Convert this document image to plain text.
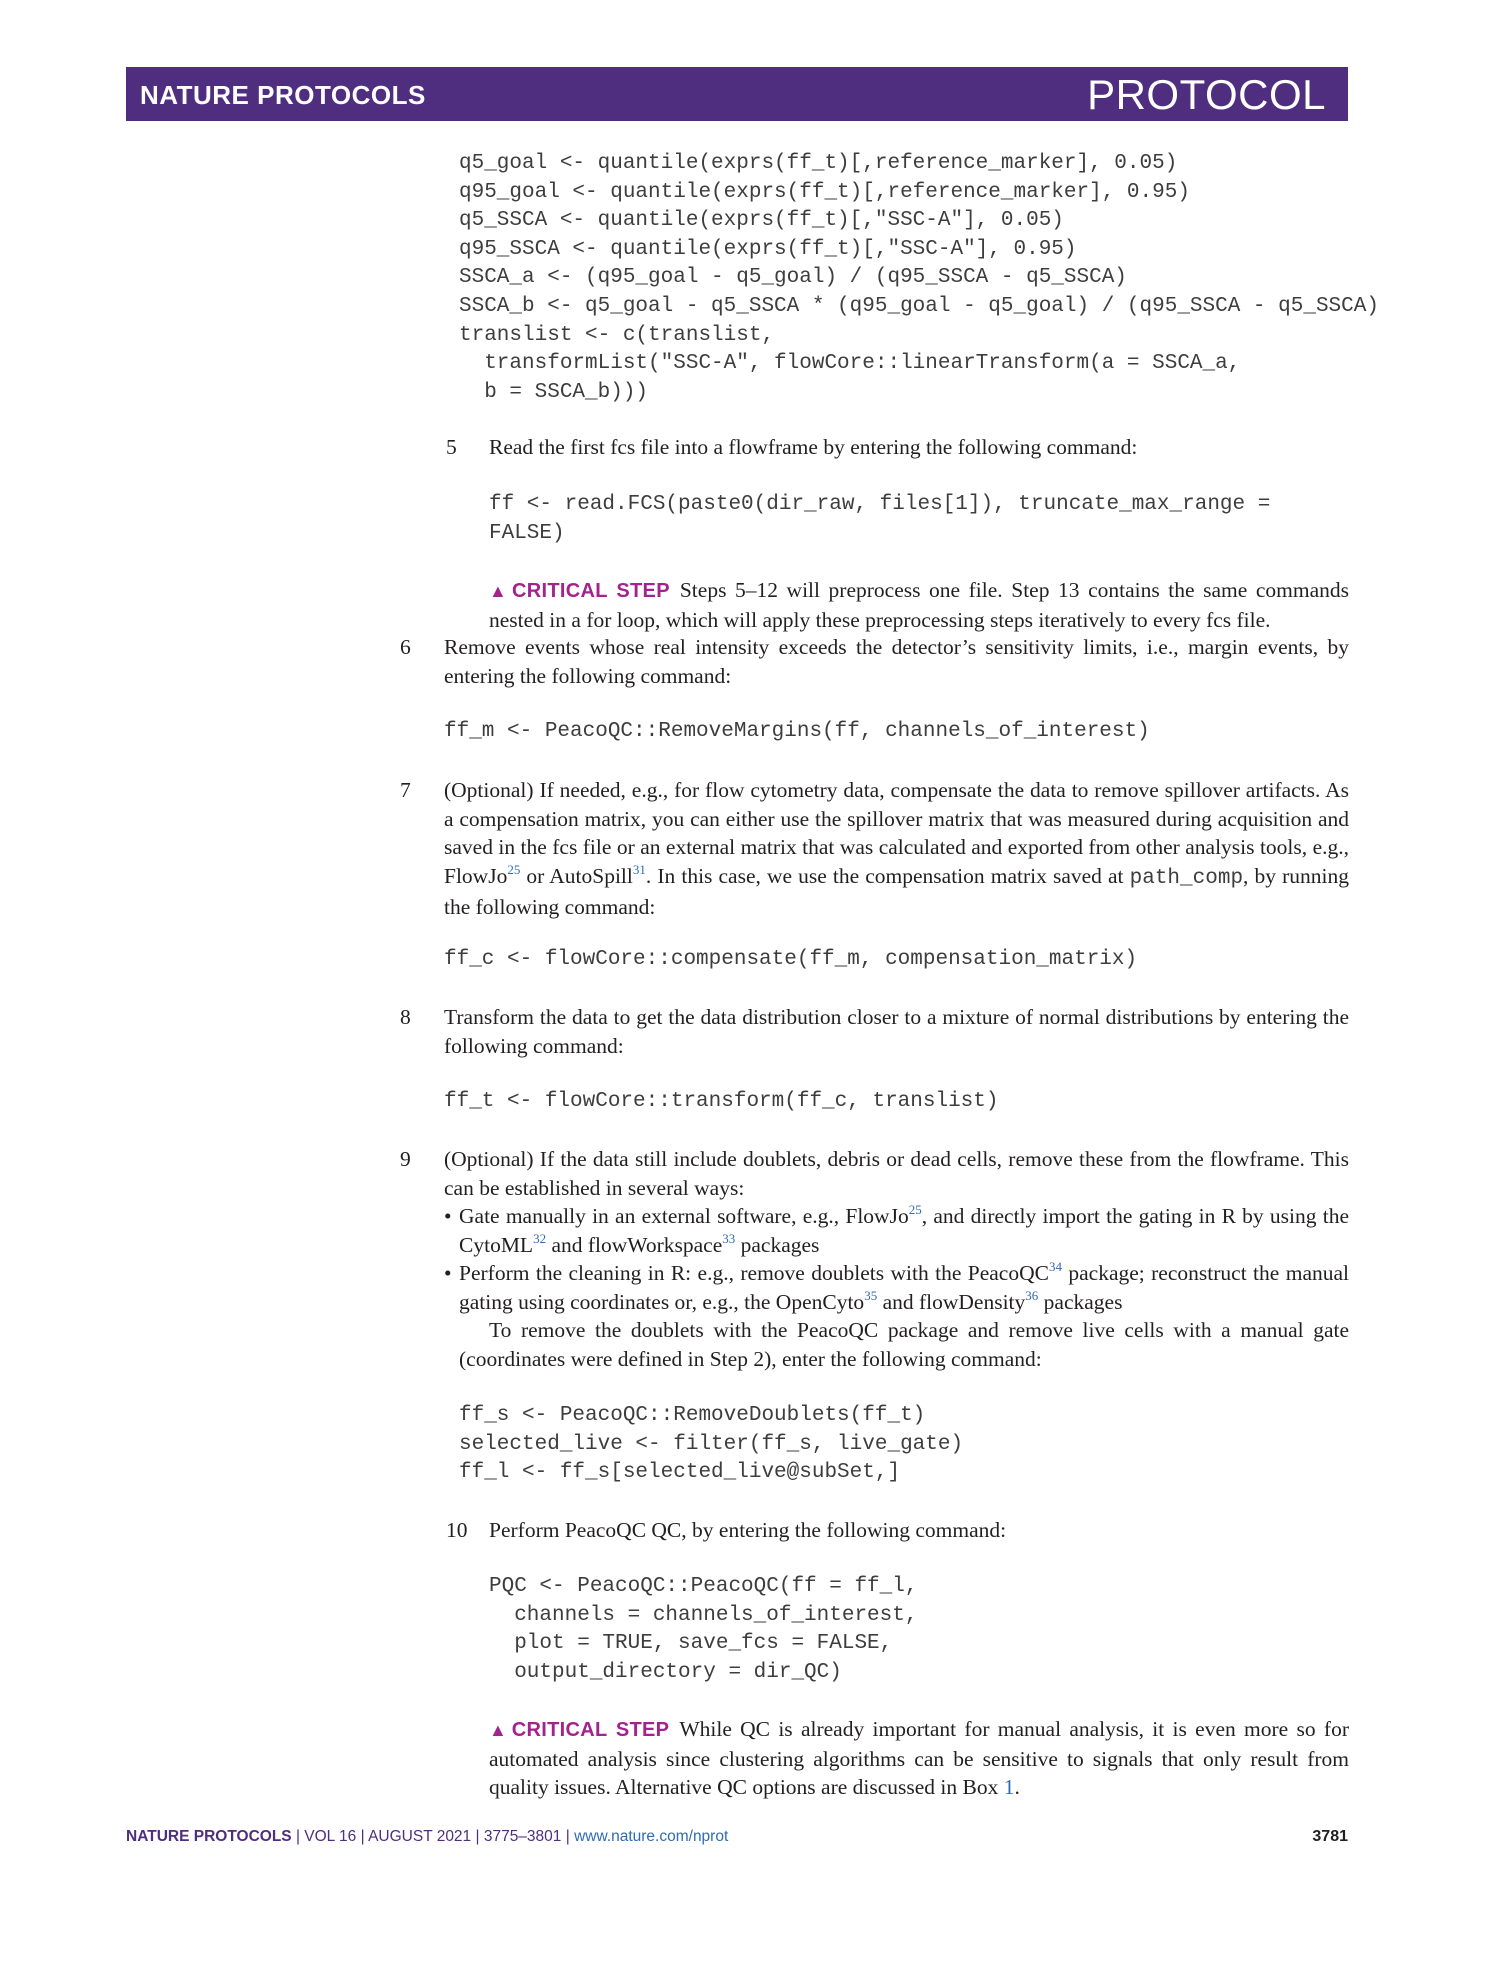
NATURE PROTOCOLS	PROTOCOL
q5_goal <- quantile(exprs(ff_t)[,reference_marker], 0.05)
q95_goal <- quantile(exprs(ff_t)[,reference_marker], 0.95)
q5_SSCA <- quantile(exprs(ff_t)[,"SSC-A"], 0.05)
q95_SSCA <- quantile(exprs(ff_t)[,"SSC-A"], 0.95)
SSCA_a <- (q95_goal - q5_goal) / (q95_SSCA - q5_SSCA)
SSCA_b <- q5_goal - q5_SSCA * (q95_goal - q5_goal) / (q95_SSCA - q5_SSCA)
translist <- c(translist,
transformList("SSC-A", flowCore::linearTransform(a = SSCA_a,
b = SSCA_b)))
5 Read the first fcs file into a flowframe by entering the following command:
ff <- read.FCS(paste0(dir_raw, files[1]), truncate_max_range =
FALSE)
▲ CRITICAL STEP Steps 5–12 will preprocess one file. Step 13 contains the same commands nested in a for loop, which will apply these preprocessing steps iteratively to every fcs file.
6 Remove events whose real intensity exceeds the detector’s sensitivity limits, i.e., margin events, by entering the following command:
ff_m <- PeacoQC::RemoveMargins(ff, channels_of_interest)
7 (Optional) If needed, e.g., for flow cytometry data, compensate the data to remove spillover artifacts. As a compensation matrix, you can either use the spillover matrix that was measured during acquisition and saved in the fcs file or an external matrix that was calculated and exported from other analysis tools, e.g., FlowJo$^{25}$ or AutoSpill$^{31}$. In this case, we use the compensation matrix saved at path_comp, by running the following command:
ff_c <- flowCore::compensate(ff_m, compensation_matrix)
8 Transform the data to get the data distribution closer to a mixture of normal distributions by entering the following command:
ff_t <- flowCore::transform(ff_c, translist)
9 (Optional) If the data still include doublets, debris or dead cells, remove these from the flowframe. This can be established in several ways:
• Gate manually in an external software, e.g., FlowJo$^{25}$, and directly import the gating in R by using the CytoML$^{32}$ and flowWorkspace$^{33}$ packages
• Perform the cleaning in R: e.g., remove doublets with the PeacoQC$^{34}$ package; reconstruct the manual gating using coordinates or, e.g., the OpenCyto$^{35}$ and flowDensity$^{36}$ packages
To remove the doublets with the PeacoQC package and remove live cells with a manual gate (coordinates were defined in Step 2), enter the following command:
ff_s <- PeacoQC::RemoveDoublets(ff_t)
selected_live <- filter(ff_s, live_gate)
ff_l <- ff_s[selected_live@subSet,]
10 Perform PeacoQC QC, by entering the following command:
PQC <- PeacoQC::PeacoQC(ff = ff_l,
channels = channels_of_interest,
plot = TRUE, save_fcs = FALSE,
output_directory = dir_QC)
▲ CRITICAL STEP While QC is already important for manual analysis, it is even more so for automated analysis since clustering algorithms can be sensitive to signals that only result from quality issues. Alternative QC options are discussed in Box 1.
NATURE PROTOCOLS | VOL 16 | AUGUST 2021 | 3775–3801 | www.nature.com/nprot	3781
